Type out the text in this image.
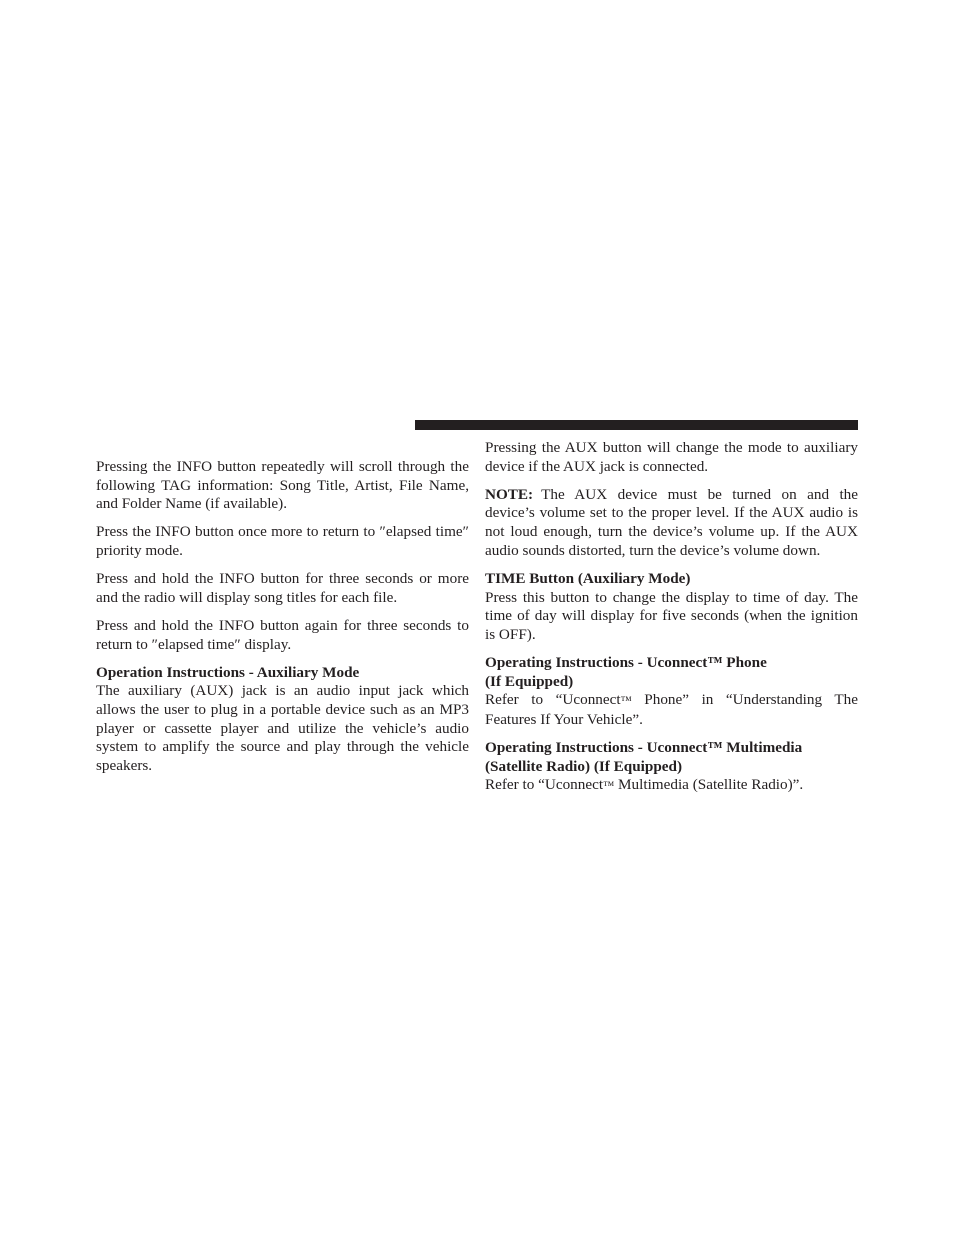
Pressing the INFO button repeatedly will scroll through the following TAG information: Song Title, Artist, File Name, and Folder Name (if available).

Press the INFO button once more to return to ″elapsed time″ priority mode.

Press and hold the INFO button for three seconds or more and the radio will display song titles for each file.

Press and hold the INFO button again for three seconds to return to ″elapsed time″ display.

Operation Instructions - Auxiliary Mode

The auxiliary (AUX) jack is an audio input jack which allows the user to plug in a portable device such as an MP3 player or cassette player and utilize the vehicle’s audio system to amplify the source and play through the vehicle speakers.

Pressing the AUX button will change the mode to auxiliary device if the AUX jack is connected.

NOTE: The AUX device must be turned on and the device’s volume set to the proper level. If the AUX audio is not loud enough, turn the device’s volume up. If the AUX audio sounds distorted, turn the device’s volume down.

TIME Button (Auxiliary Mode)

Press this button to change the display to time of day. The time of day will display for five seconds (when the ignition is OFF).

Operating Instructions - Uconnect™ Phone
(If Equipped)

Refer to “Uconnect™ Phone” in “Understanding The Features If Your Vehicle”.

Operating Instructions - Uconnect™ Multimedia
(Satellite Radio) (If Equipped)

Refer to “Uconnect™ Multimedia (Satellite Radio)”.
